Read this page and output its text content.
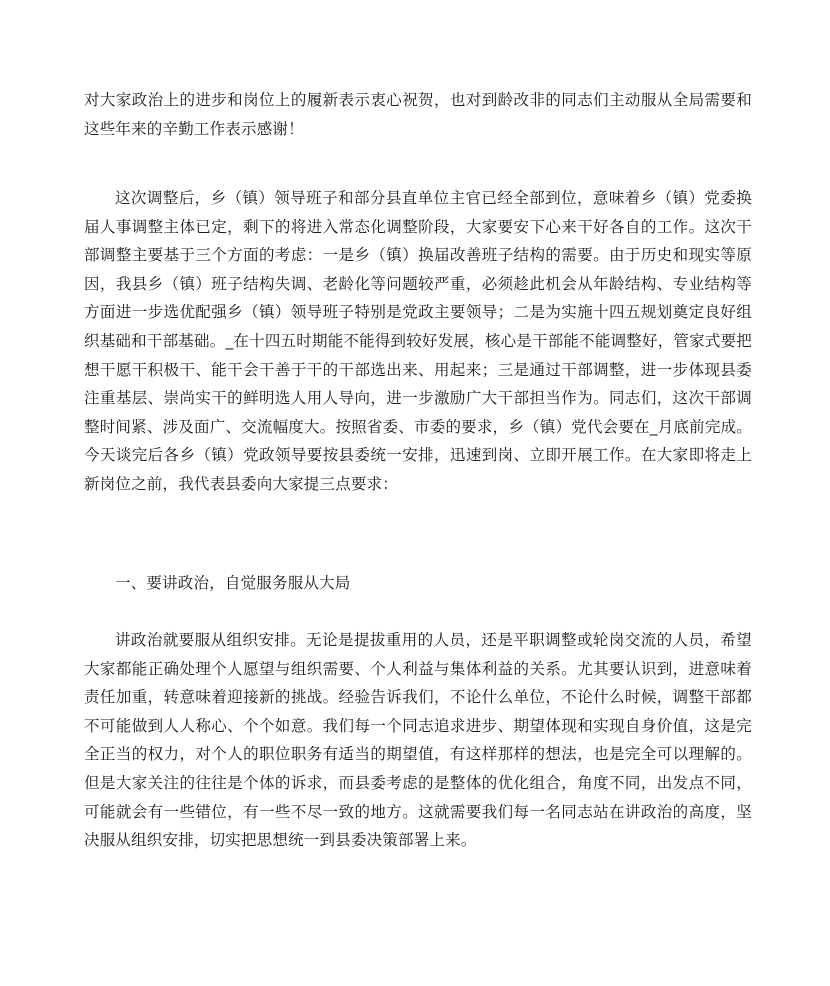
对大家政治上的进步和岗位上的履新表示衷心祝贺，也对到龄改非的同志们主动服从全局需要和这些年来的辛勤工作表示感谢！

这次调整后，乡（镇）领导班子和部分县直单位主官已经全部到位，意味着乡（镇）党委换届人事调整主体已定，剩下的将进入常态化调整阶段，大家要安下心来干好各自的工作。这次干部调整主要基于三个方面的考虑：一是乡（镇）换届改善班子结构的需要。由于历史和现实等原因，我县乡（镇）班子结构失调、老龄化等问题较严重，必须趁此机会从年龄结构、专业结构等方面进一步选优配强乡（镇）领导班子特别是党政主要领导；二是为实施十四五规划奠定良好组织基础和干部基础。_在十四五时期能不能得到较好发展，核心是干部能不能调整好，管家式要把想干愿干积极干、能干会干善于干的干部选出来、用起来；三是通过干部调整，进一步体现县委注重基层、崇尚实干的鲜明选人用人导向，进一步激励广大干部担当作为。同志们，这次干部调整时间紧、涉及面广、交流幅度大。按照省委、市委的要求，乡（镇）党代会要在_月底前完成。今天谈完后各乡（镇）党政领导要按县委统一安排，迅速到岗、立即开展工作。在大家即将走上新岗位之前，我代表县委向大家提三点要求：

一、要讲政治，自觉服务服从大局

讲政治就要服从组织安排。无论是提拔重用的人员，还是平职调整或轮岗交流的人员，希望大家都能正确处理个人愿望与组织需要、个人利益与集体利益的关系。尤其要认识到，进意味着责任加重，转意味着迎接新的挑战。经验告诉我们，不论什么单位，不论什么时候，调整干部都不可能做到人人称心、个个如意。我们每一个同志追求进步、期望体现和实现自身价值，这是完全正当的权力，对个人的职位职务有适当的期望值，有这样那样的想法，也是完全可以理解的。但是大家关注的往往是个体的诉求，而县委考虑的是整体的优化组合，角度不同，出发点不同，可能就会有一些错位，有一些不尽一致的地方。这就需要我们每一名同志站在讲政治的高度，坚决服从组织安排，切实把思想统一到县委决策部署上来。
